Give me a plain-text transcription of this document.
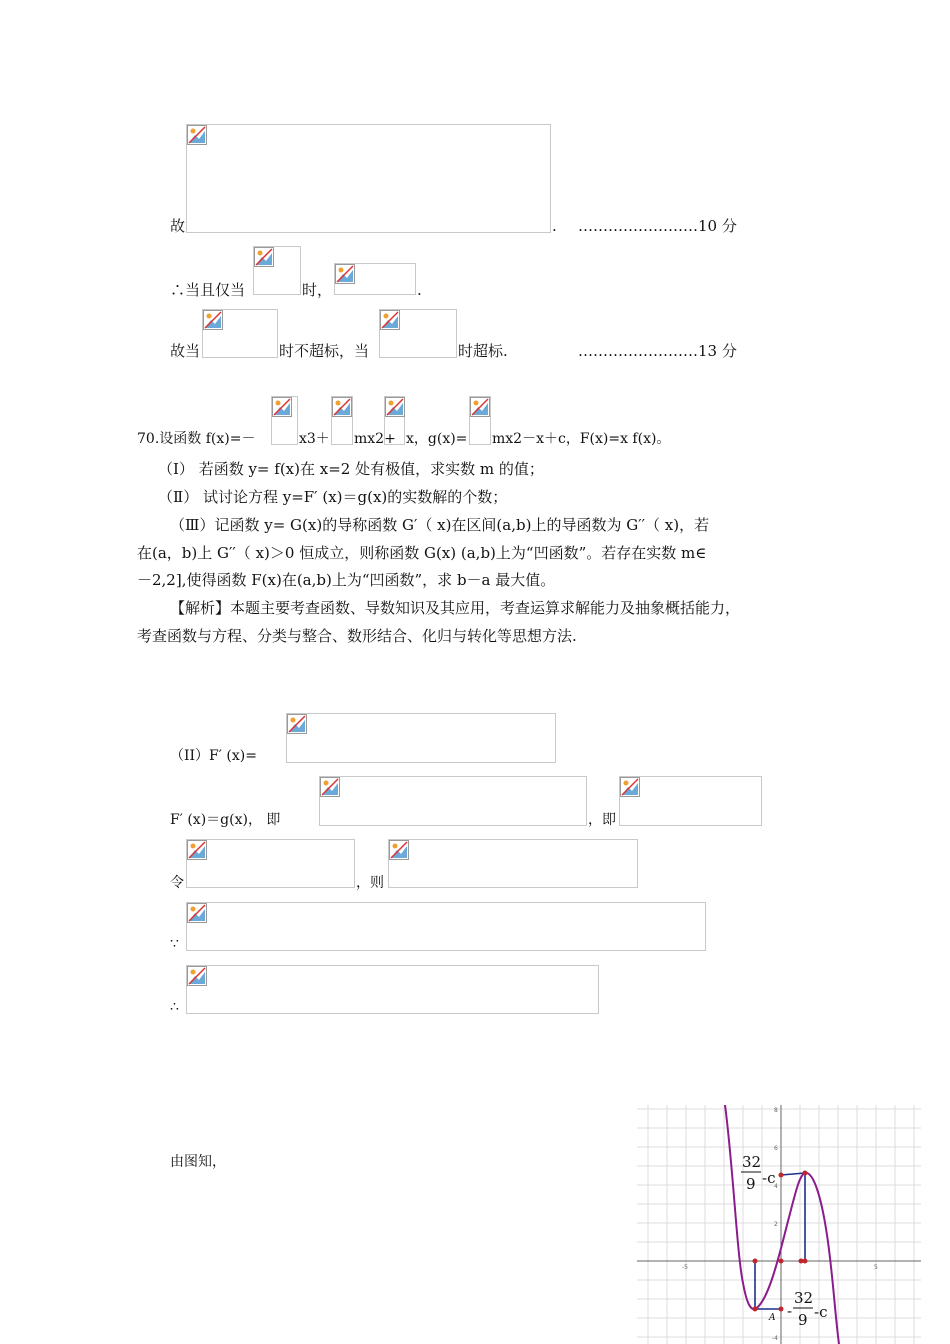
故	. ……………………10 分
∴当且仅当	时，	.
故当	时不超标，当	时超标.	……………………13 分
70.设函数 f(x)=－	x3＋ mx2+ x，g(x)= mx2－x＋c，F(x)=x f(x)。
（Ⅰ） 若函数 y= f(x)在 x=2 处有极值，求实数 m 的值；
（Ⅱ） 试讨论方程 y=F′ (x)＝g(x)的实数解的个数；
（Ⅲ）记函数 y= G(x)的导称函数 G′（ x)在区间(a,b)上的导函数为 G′′（ x)，若
在(a，b)上 G′′（ x)＞0 恒成立，则称函数 G(x) (a,b)上为“凹函数”。若存在实数 m∈
－2,2],使得函数 F(x)在(a,b)上为“凹函数”，求 b－a 最大值。
【解析】本题主要考查函数、导数知识及其应用，考查运算求解能力及抽象概括能力，
考查函数与方程、分类与整合、数形结合、化归与转化等思想方法.
（II）F′ (x)=
F′ (x)＝g(x)， 即	，即
令	，则
∵
∴
由图知，
8
6
4
2
-4
-5	5
32
9 -c
-
32
9 -c
A
